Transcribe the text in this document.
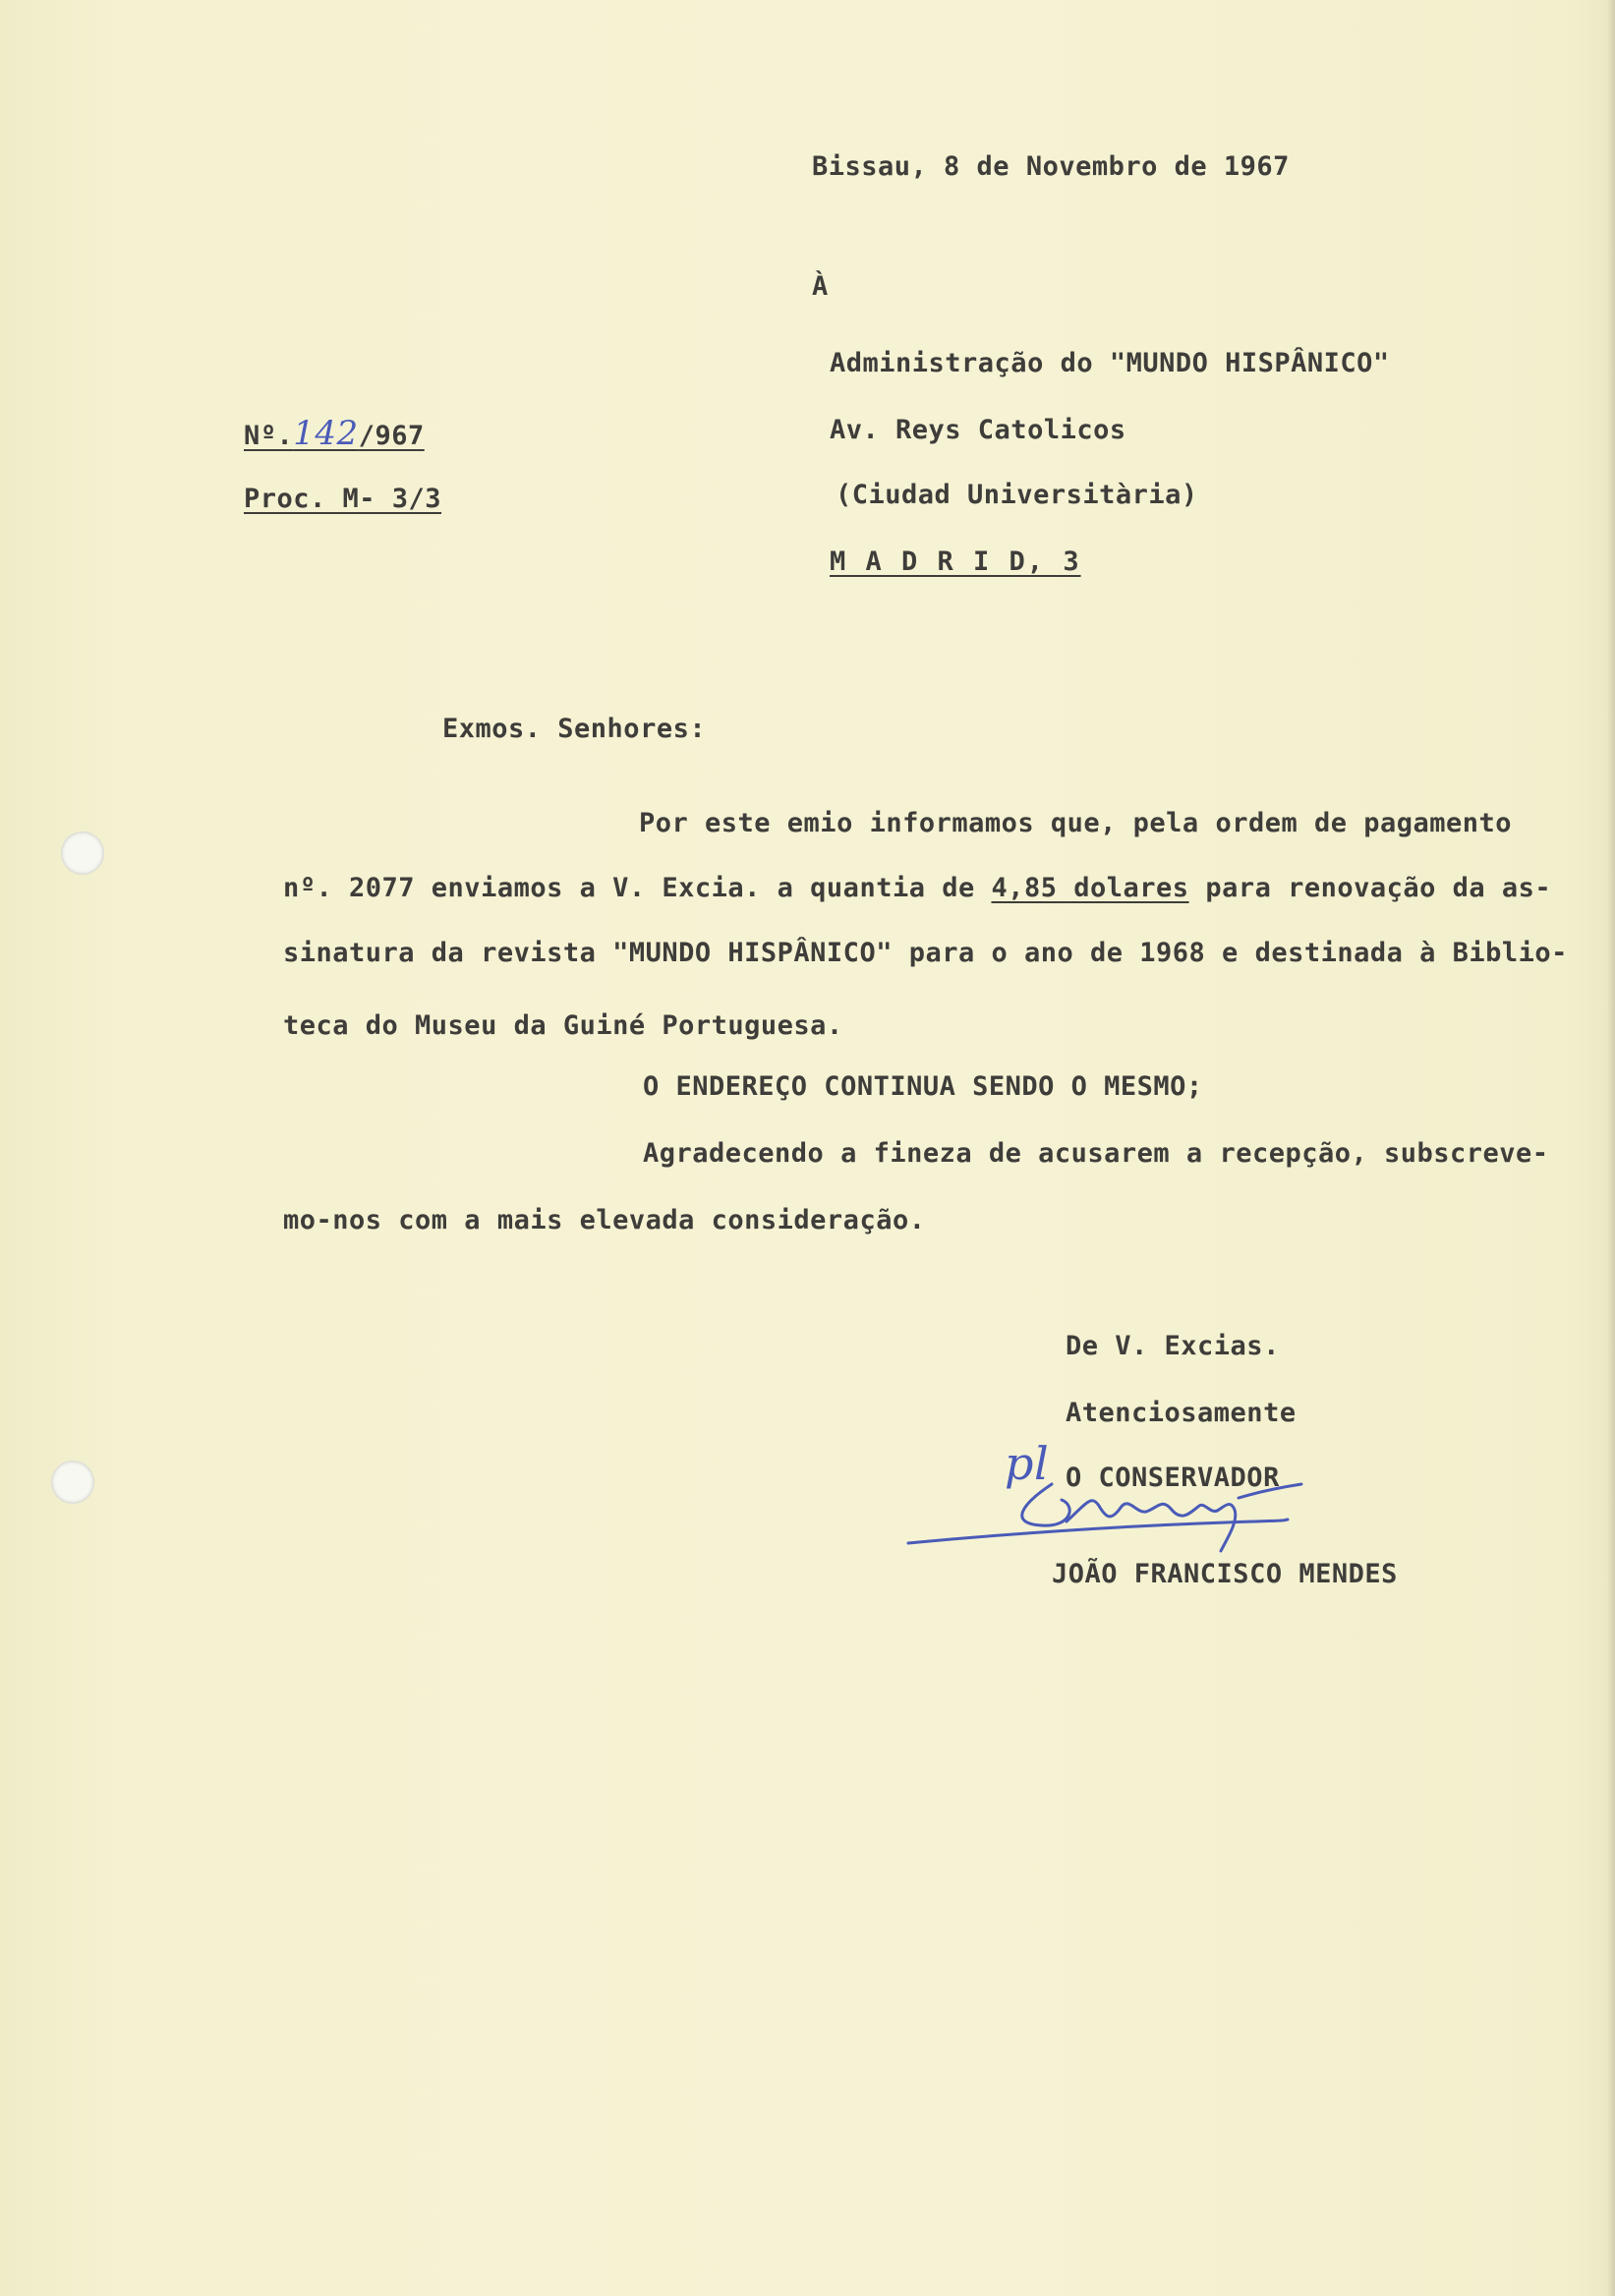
Bissau, 8 de Novembro de 1967
À
Administração do "MUNDO HISPÂNICO"
Av. Reys Catolicos
(Ciudad Universitària)
M A D R I D, 3
Nº.142/967
Proc. M- 3/3
Exmos. Senhores:
Por este emio informamos que, pela ordem de pagamento
nº. 2077 enviamos a V. Excia. a quantia de 4,85 dolares para renovação da as-
sinatura da revista "MUNDO HISPÂNICO" para o ano de 1968 e destinada à Biblio-
teca do Museu da Guiné Portuguesa.
O ENDEREÇO CONTINUA SENDO O MESMO;
Agradecendo a fineza de acusarem a recepção, subscreve-
mo-nos com a mais elevada consideração.
De V. Excias.
Atenciosamente
pl O CONSERVADOR
JOÃO FRANCISCO MENDES
